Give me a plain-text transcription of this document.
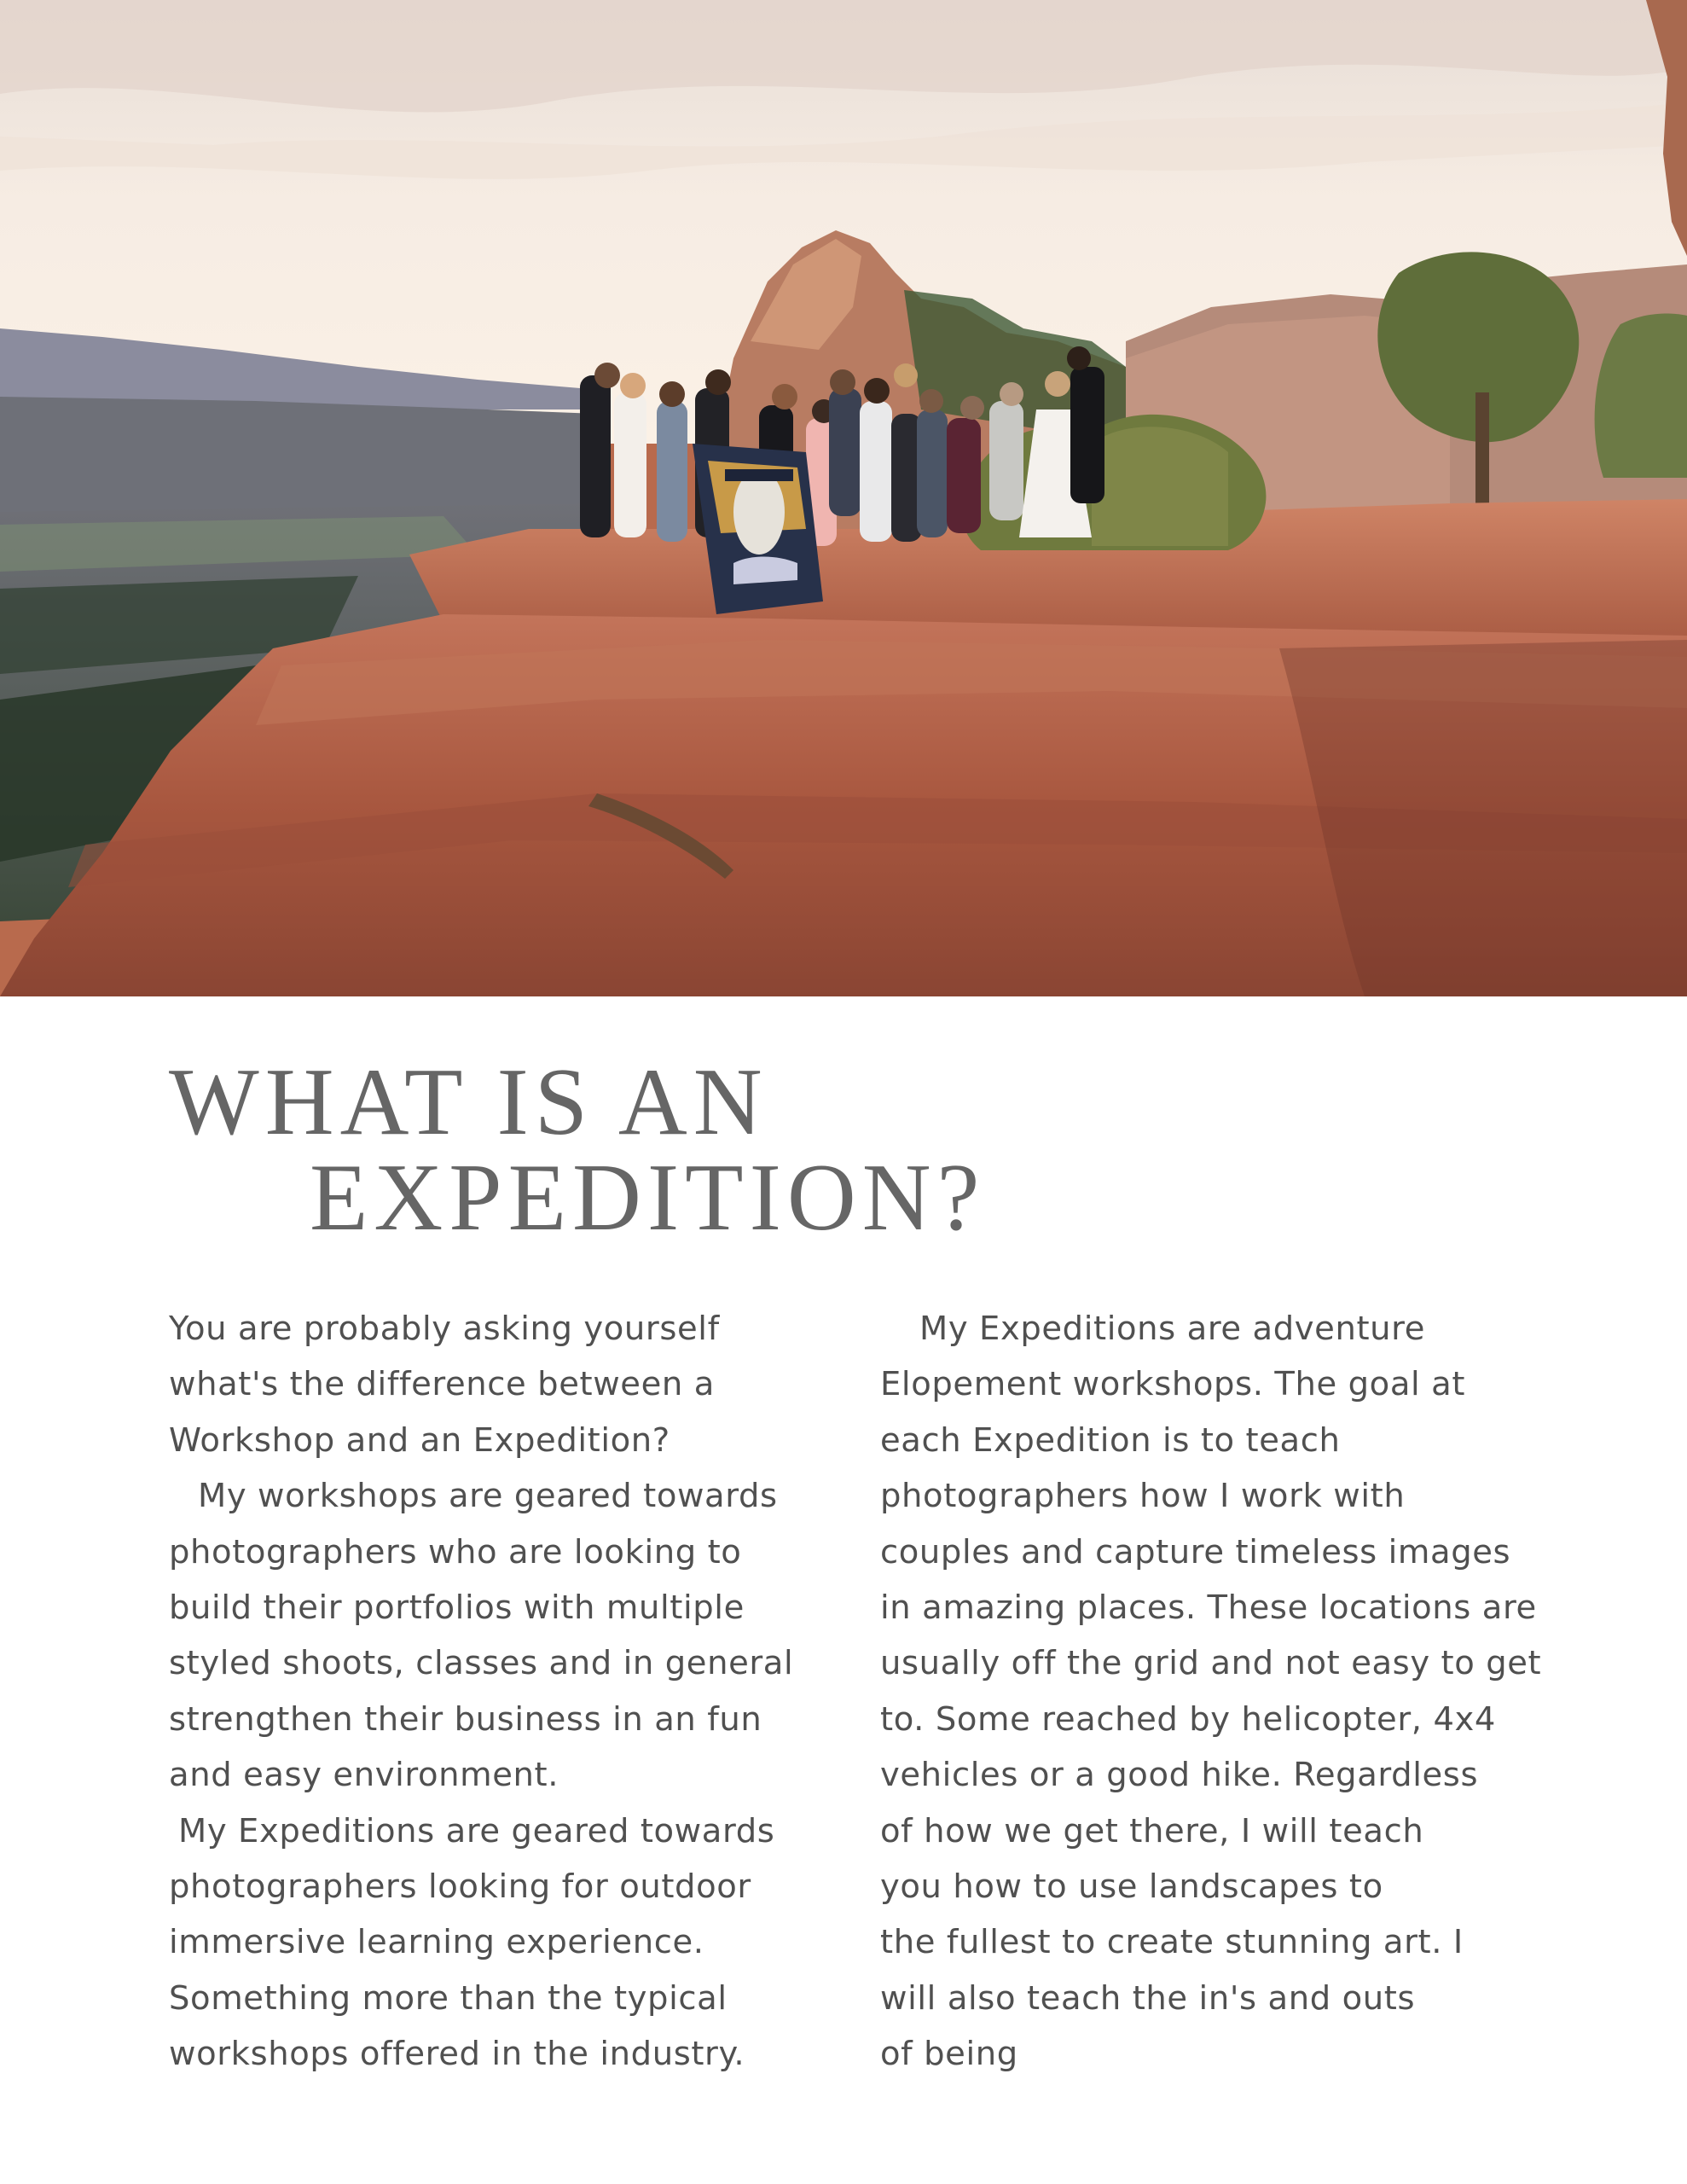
WHAT IS AN
EXPEDITION?

You are probably asking yourself
what's the difference between a
Workshop and an Expedition?

My workshops are geared towards

photographers who are looking to
build their portfolios with multiple
styled shoots, classes and in general
strengthen their business in an fun
and easy environment.

My Expeditions are geared towards

photographers looking for outdoor
immersive learning experience.
Something more than the typical
workshops offered in the industry.

My Expeditions are adventure

Elopement workshops. The goal at
each Expedition is to teach
photographers how I work with
couples and capture timeless images
in amazing places. These locations are
usually off the grid and not easy to get
to. Some reached by helicopter, 4x4
vehicles or a good hike. Regardless
of how we get there, I will teach
you how to use landscapes to
the fullest to create stunning art. I
will also teach the in's and outs
of being
